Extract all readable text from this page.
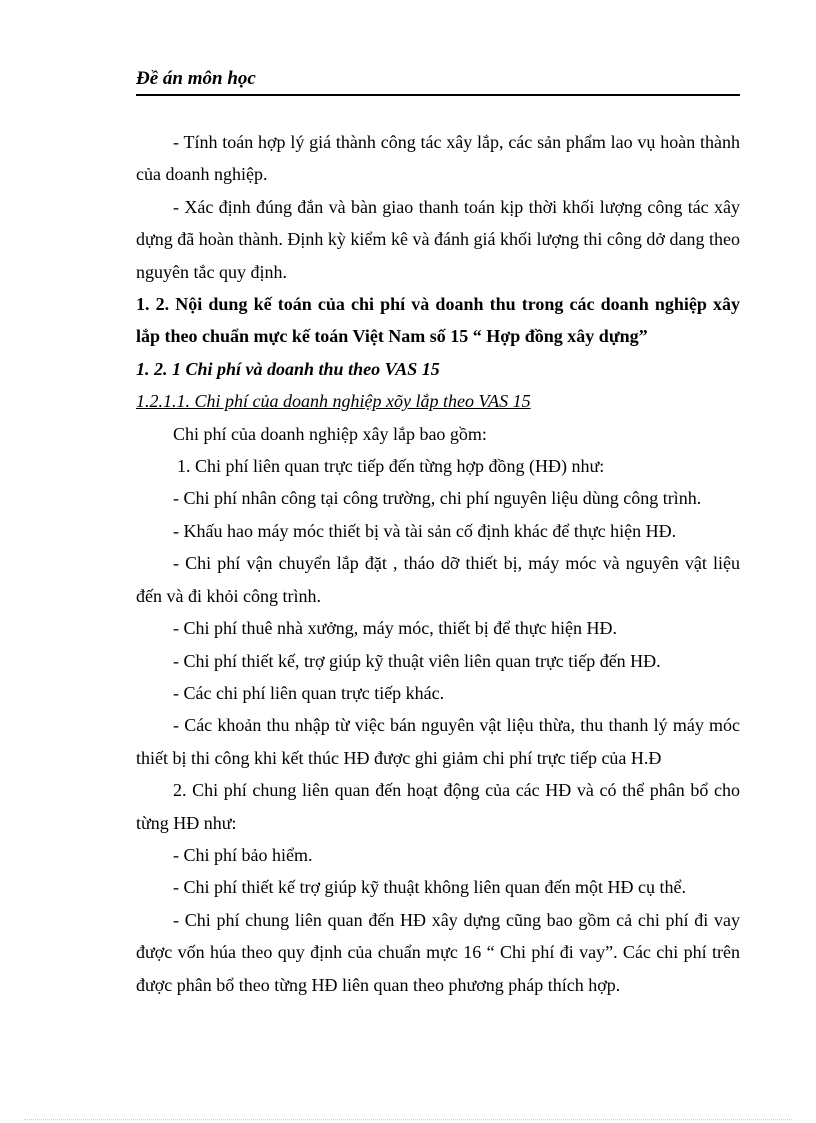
Đề án môn học

- Tính toán hợp lý giá thành công tác xây lắp, các sản phẩm lao vụ hoàn thành của doanh nghiệp.

- Xác định đúng đắn và bàn giao thanh toán kịp thời khối lượng công tác xây dựng đã hoàn thành. Định kỳ kiểm kê và đánh giá khối lượng thi công dở dang theo nguyên tắc quy định.

1. 2. Nội dung kế toán của chi phí và doanh thu trong các doanh nghiệp xây lắp theo chuẩn mực kế toán Việt Nam số 15 “ Hợp đồng xây dựng”

1. 2. 1 Chi phí và doanh thu theo VAS 15

1.2.1.1. Chi phí của doanh nghiệp xõy lắp theo VAS 15

Chi phí của doanh nghiệp xây lắp bao gồm:

1. Chi phí liên quan trực tiếp đến từng hợp đồng (HĐ) như:

- Chi phí nhân công tại công trường, chi phí nguyên liệu dùng công trình.

- Khấu hao máy móc thiết bị và tài sản cố định khác để thực hiện HĐ.

- Chi phí vận chuyển lắp đặt , tháo dỡ thiết bị, máy móc và nguyên vật liệu đến và đi khỏi công trình.

- Chi phí thuê nhà xưởng, máy móc, thiết bị để thực hiện HĐ.

- Chi phí thiết kế, trợ giúp kỹ thuật viên liên quan trực tiếp đến HĐ.

- Các chi phí liên quan trực tiếp khác.

- Các khoản thu nhập từ việc bán nguyên vật liệu thừa, thu thanh lý máy móc thiết bị thi công khi kết thúc HĐ được ghi giảm chi phí trực tiếp của H.Đ

2. Chi phí chung liên quan đến hoạt động của các HĐ và có thể phân bổ cho từng HĐ như:

- Chi phí bảo hiểm.

- Chi phí thiết kế trợ giúp kỹ thuật không liên quan đến một HĐ cụ thể.

- Chi phí chung liên quan đến HĐ xây dựng cũng bao gồm cả chi phí đi vay được vốn húa theo quy định của chuẩn mực 16 “ Chi phí đi vay”. Các chi phí trên được phân bổ theo từng HĐ liên quan theo phương pháp thích hợp.
